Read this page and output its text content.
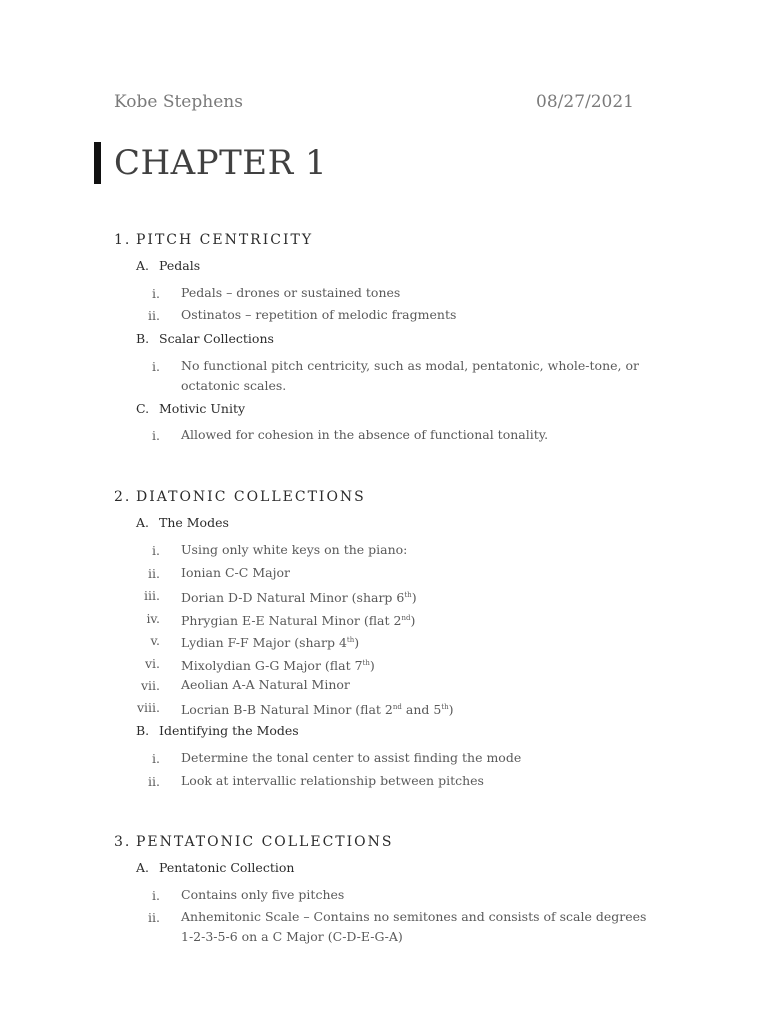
Kobe Stephens	08/27/2021
CHAPTER 1
1. PITCH CENTRICITY
A. Pedals
i. Pedals – drones or sustained tones
ii. Ostinatos – repetition of melodic fragments
B. Scalar Collections
i. No functional pitch centricity, such as modal, pentatonic, whole-tone, or octatonic scales.
C. Motivic Unity
i. Allowed for cohesion in the absence of functional tonality.
2. DIATONIC COLLECTIONS
A. The Modes
i. Using only white keys on the piano:
ii. Ionian C-C Major
iii. Dorian D-D Natural Minor (sharp 6th)
iv. Phrygian E-E Natural Minor (flat 2nd)
v. Lydian F-F Major (sharp 4th)
vi. Mixolydian G-G Major (flat 7th)
vii. Aeolian A-A Natural Minor
viii. Locrian B-B Natural Minor (flat 2nd and 5th)
B. Identifying the Modes
i. Determine the tonal center to assist finding the mode
ii. Look at intervallic relationship between pitches
3. PENTATONIC COLLECTIONS
A. Pentatonic Collection
i. Contains only five pitches
ii. Anhemitonic Scale – Contains no semitones and consists of scale degrees 1-2-3-5-6 on a C Major (C-D-E-G-A)
